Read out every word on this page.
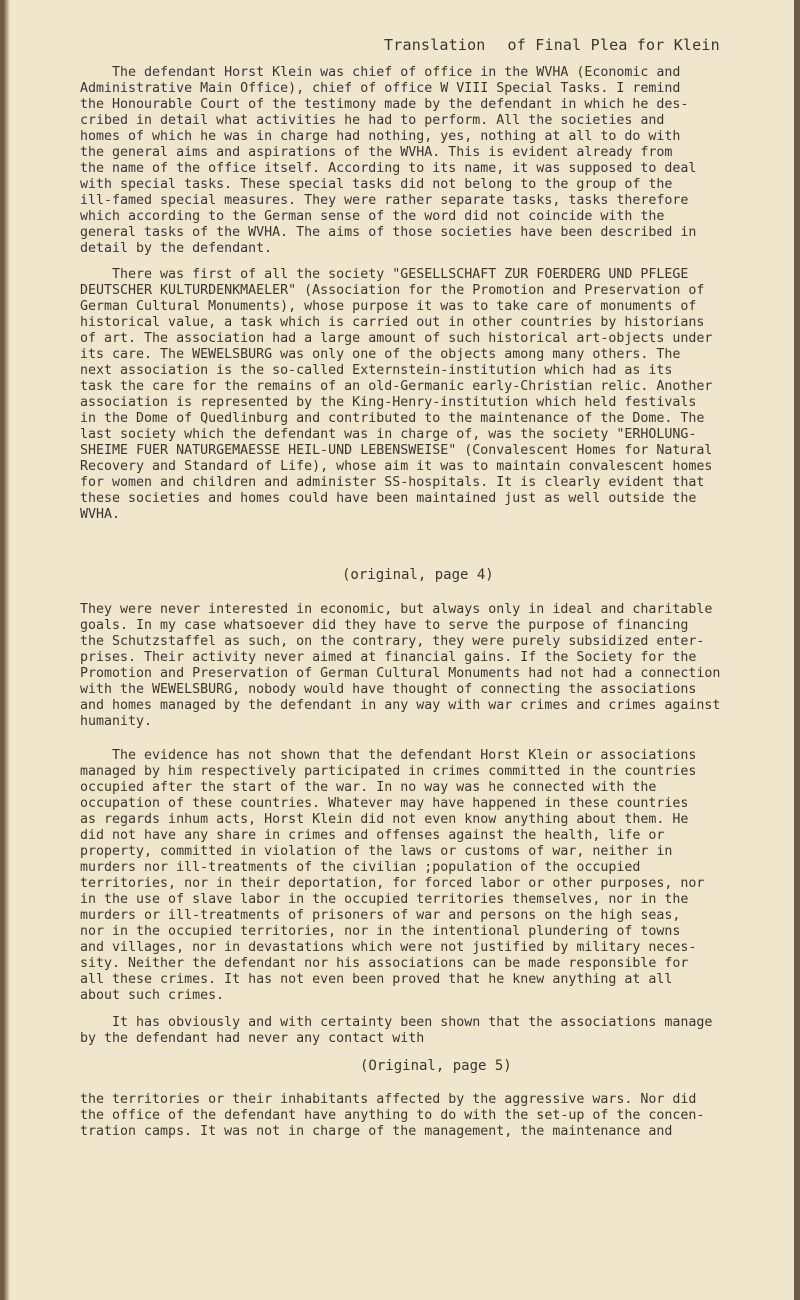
Translation of Final Plea for Klein
The defendant Horst Klein was chief of office in the WVHA (Economic and
Administrative Main Office), chief of office W VIII Special Tasks. I remind
the Honourable Court of the testimony made by the defendant in which he des-
cribed in detail what activities he had to perform. All the societies and
homes of which he was in charge had nothing, yes, nothing at all to do with
the general aims and aspirations of the WVHA. This is evident already from
the name of the office itself. According to its name, it was supposed to deal
with special tasks. These special tasks did not belong to the group of the
ill-famed special measures. They were rather separate tasks, tasks therefore
which according to the German sense of the word did not coincide with the
general tasks of the WVHA. The aims of those societies have been described in
detail by the defendant.
There was first of all the society "GESELLSCHAFT ZUR FOERDERG UND PFLEGE
DEUTSCHER KULTURDENKMAELER" (Association for the Promotion and Preservation of
German Cultural Monuments), whose purpose it was to take care of monuments of
historical value, a task which is carried out in other countries by historians
of art. The association had a large amount of such historical art-objects under
its care. The WEWELSBURG was only one of the objects among many others. The
next association is the so-called Externstein-institution which had as its
task the care for the remains of an old-Germanic early-Christian relic. Another
association is represented by the King-Henry-institution which held festivals
in the Dome of Quedlinburg and contributed to the maintenance of the Dome. The
last society which the defendant was in charge of, was the society "ERHOLUNG-
SHEIME FUER NATURGEMAESSE HEIL-UND LEBENSWEISE" (Convalescent Homes for Natural
Recovery and Standard of Life), whose aim it was to maintain convalescent homes
for women and children and administer SS-hospitals. It is clearly evident that
these societies and homes could have been maintained just as well outside the
WVHA.
(original, page 4)
They were never interested in economic, but always only in ideal and charitable
goals. In my case whatsoever did they have to serve the purpose of financing
the Schutzstaffel as such, on the contrary, they were purely subsidized enter-
prises. Their activity never aimed at financial gains. If the Society for the
Promotion and Preservation of German Cultural Monuments had not had a connection
with the WEWELSBURG, nobody would have thought of connecting the associations
and homes managed by the defendant in any way with war crimes and crimes against
humanity.
The evidence has not shown that the defendant Horst Klein or associations
managed by him respectively participated in crimes committed in the countries
occupied after the start of the war. In no way was he connected with the
occupation of these countries. Whatever may have happened in these countries
as regards inhum acts, Horst Klein did not even know anything about them. He
did not have any share in crimes and offenses against the health, life or
property, committed in violation of the laws or customs of war, neither in
murders nor ill-treatments of the civilian ;population of the occupied
territories, nor in their deportation, for forced labor or other purposes, nor
in the use of slave labor in the occupied territories themselves, nor in the
murders or ill-treatments of prisoners of war and persons on the high seas,
nor in the occupied territories, nor in the intentional plundering of towns
and villages, nor in devastations which were not justified by military neces-
sity. Neither the defendant nor his associations can be made responsible for
all these crimes. It has not even been proved that he knew anything at all
about such crimes.
It has obviously and with certainty been shown that the associations manage
by the defendant had never any contact with
(Original, page 5)
the territories or their inhabitants affected by the aggressive wars. Nor did
the office of the defendant have anything to do with the set-up of the concen-
tration camps. It was not in charge of the management, the maintenance and
